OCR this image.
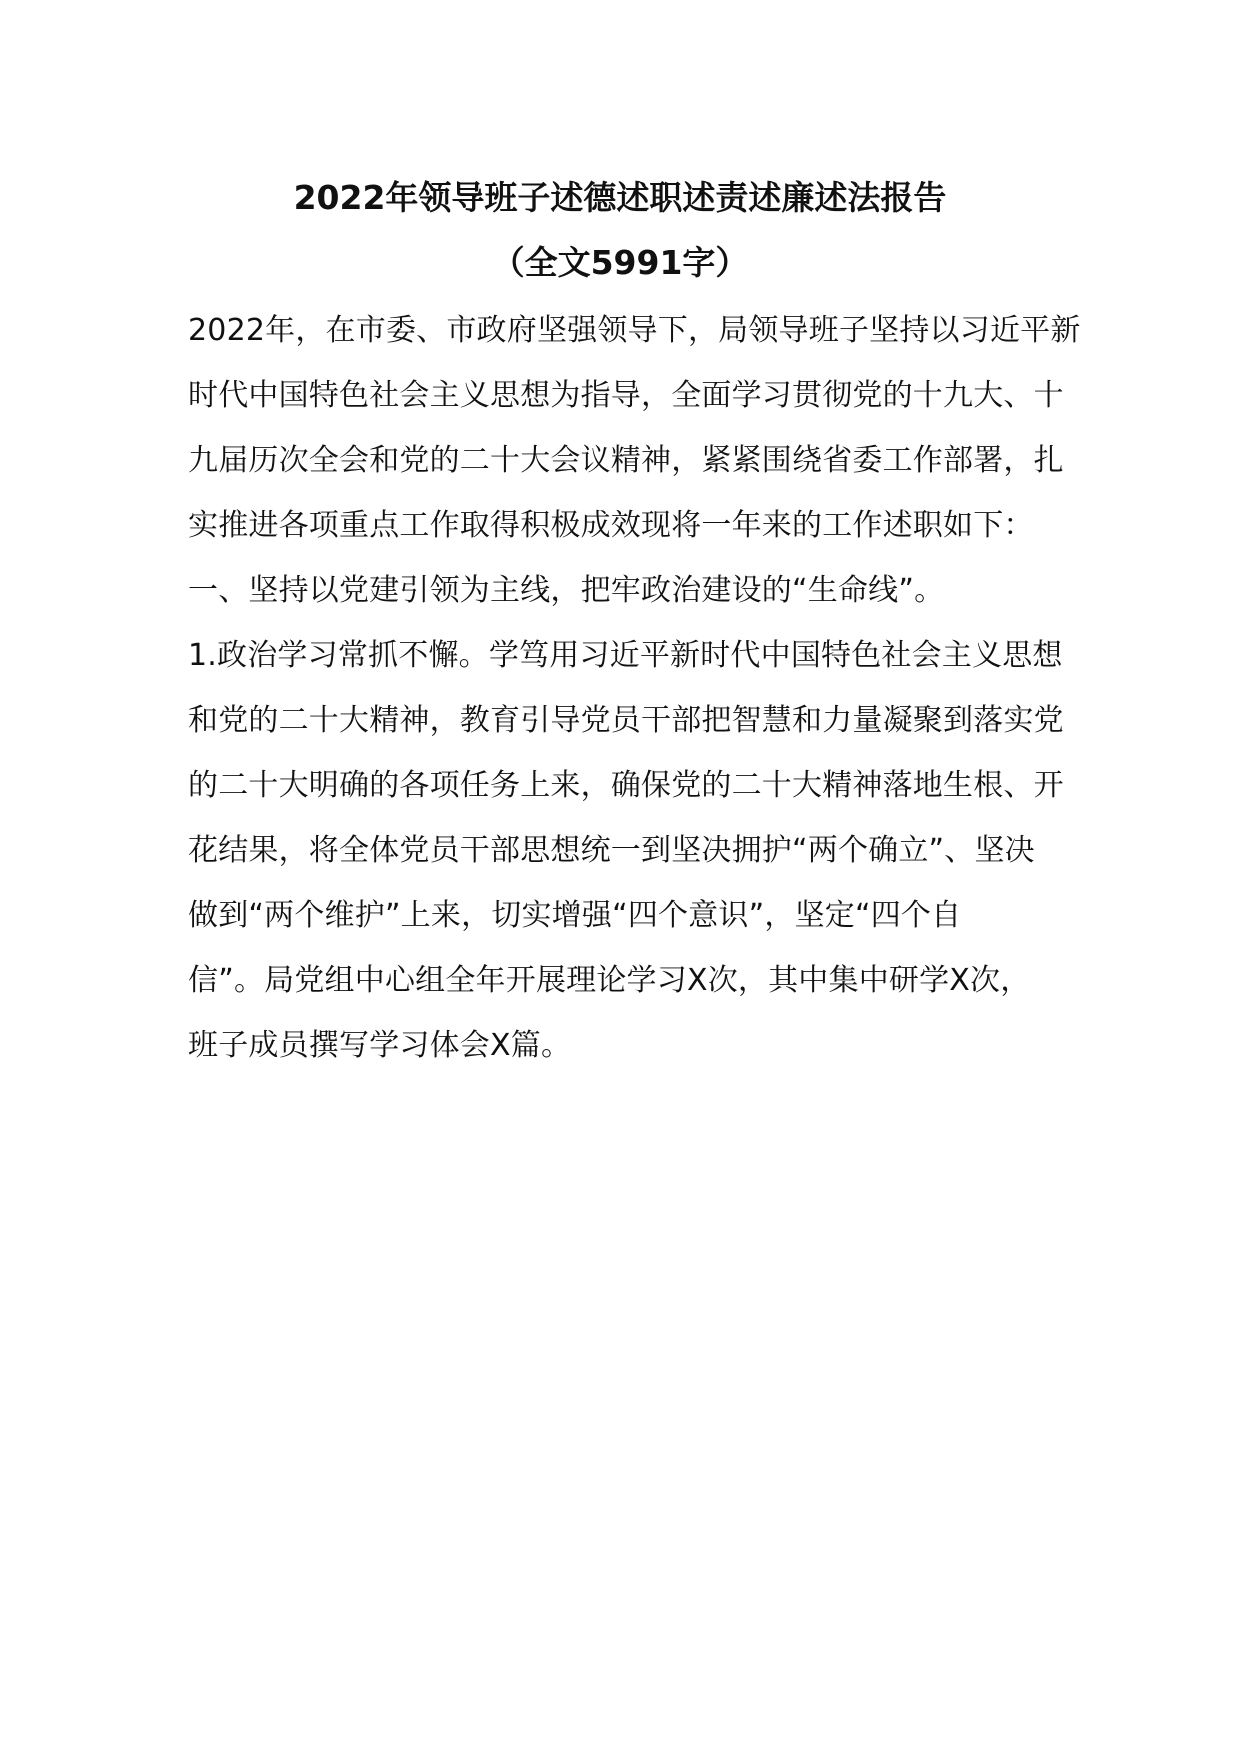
2022年领导班子述德述职述责述廉述法报告
（全文5991字）
2022年，在市委、市政府坚强领导下，局领导班子坚持以习近平新
时代中国特色社会主义思想为指导，全面学习贯彻党的十九大、十
九届历次全会和党的二十大会议精神，紧紧围绕省委工作部署，扎
实推进各项重点工作取得积极成效现将一年来的工作述职如下：
一、坚持以党建引领为主线，把牢政治建设的“生命线”。
1.政治学习常抓不懈。学笃用习近平新时代中国特色社会主义思想
和党的二十大精神，教育引导党员干部把智慧和力量凝聚到落实党
的二十大明确的各项任务上来，确保党的二十大精神落地生根、开
花结果，将全体党员干部思想统一到坚决拥护“两个确立”、坚决
做到“两个维护”上来，切实增强“四个意识”，坚定“四个自
信”。局党组中心组全年开展理论学习X次，其中集中研学X次，
班子成员撰写学习体会X篇。
